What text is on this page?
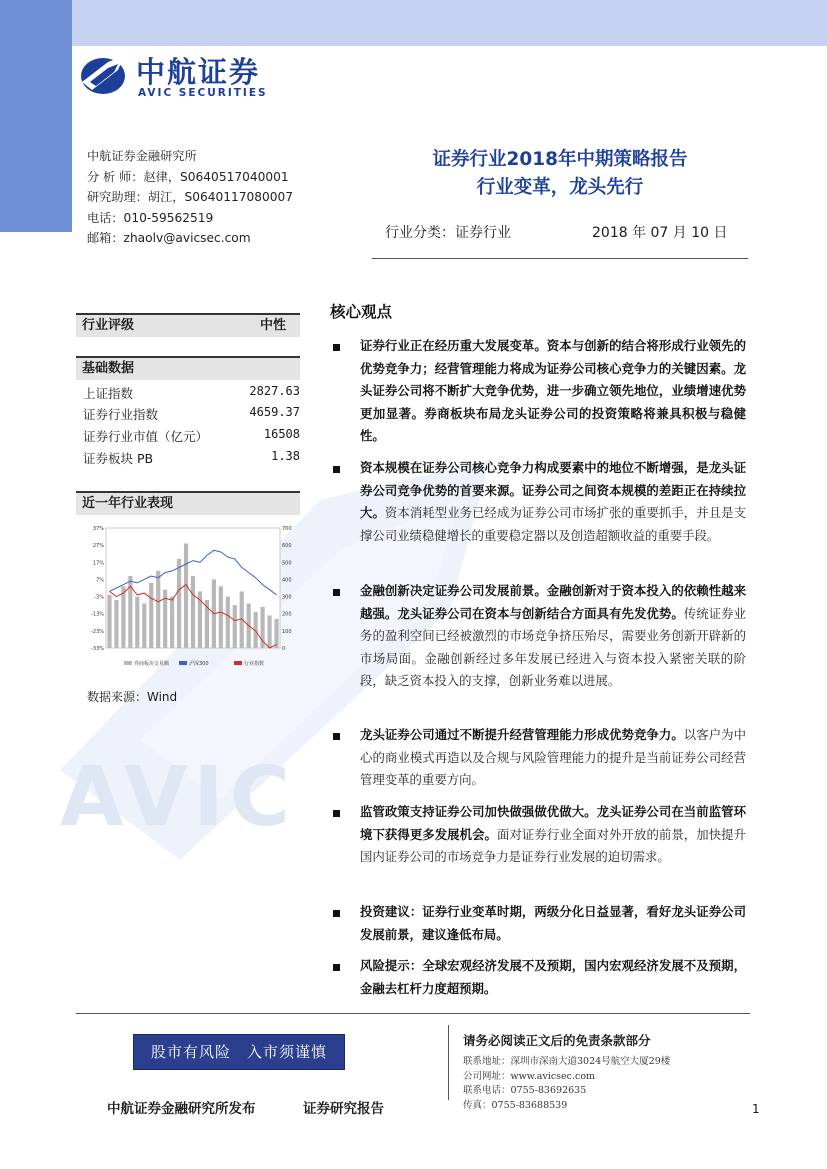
AVIC
中航证券
AVIC SECURITIES
中航证券金融研究所
分 析 师：赵律，S0640517040001
研究助理：胡江，S0640117080007
电话：010-59562519
邮箱：zhaolv@avicsec.com
证券行业2018年中期策略报告
行业变革，龙头先行
行业分类：证券行业	2018 年 07 月 10 日
行业评级	中性
基础数据
上证指数	2827.63
证券行业指数	4659.37
证券行业市值（亿元）	16508
证券板块 PB	1.38
近一年行业表现
37%
27%
17%
7%
-3%
-13%
-23%
-33%
700
600
500
400
300
200
100
0
券商板块交易额	沪深300	行业指数
数据来源：Wind
核心观点
证券行业正在经历重大发展变革。资本与创新的结合将形成行业领先的优势竞争力；经营管理能力将成为证券公司核心竞争力的关键因素。龙头证券公司将不断扩大竞争优势，进一步确立领先地位，业绩增速优势更加显著。券商板块布局龙头证券公司的投资策略将兼具积极与稳健性。
资本规模在证券公司核心竞争力构成要素中的地位不断增强，是龙头证券公司竞争优势的首要来源。证券公司之间资本规模的差距正在持续拉大。资本消耗型业务已经成为证券公司市场扩张的重要抓手，并且是支撑公司业绩稳健增长的重要稳定器以及创造超额收益的重要手段。
金融创新决定证券公司发展前景。金融创新对于资本投入的依赖性越来越强。龙头证券公司在资本与创新结合方面具有先发优势。传统证券业务的盈利空间已经被激烈的市场竞争挤压殆尽，需要业务创新开辟新的市场局面。金融创新经过多年发展已经进入与资本投入紧密关联的阶段，缺乏资本投入的支撑，创新业务难以进展。
龙头证券公司通过不断提升经营管理能力形成优势竞争力。以客户为中心的商业模式再造以及合规与风险管理能力的提升是当前证券公司经营管理变革的重要方向。
监管政策支持证券公司加快做强做优做大。龙头证券公司在当前监管环境下获得更多发展机会。面对证券行业全面对外开放的前景，加快提升国内证券公司的市场竞争力是证券行业发展的迫切需求。
投资建议：证券行业变革时期，两级分化日益显著，看好龙头证券公司发展前景，建议逢低布局。
风险提示：全球宏观经济发展不及预期，国内宏观经济发展不及预期，金融去杠杆力度超预期。
股市有风险　入市须谨慎
中航证券金融研究所发布	证券研究报告
请务必阅读正文后的免责条款部分
联系地址：深圳市深南大道3024号航空大厦29楼
公司网址：www.avicsec.com
联系电话：0755-83692635
传真：0755-83688539	1
